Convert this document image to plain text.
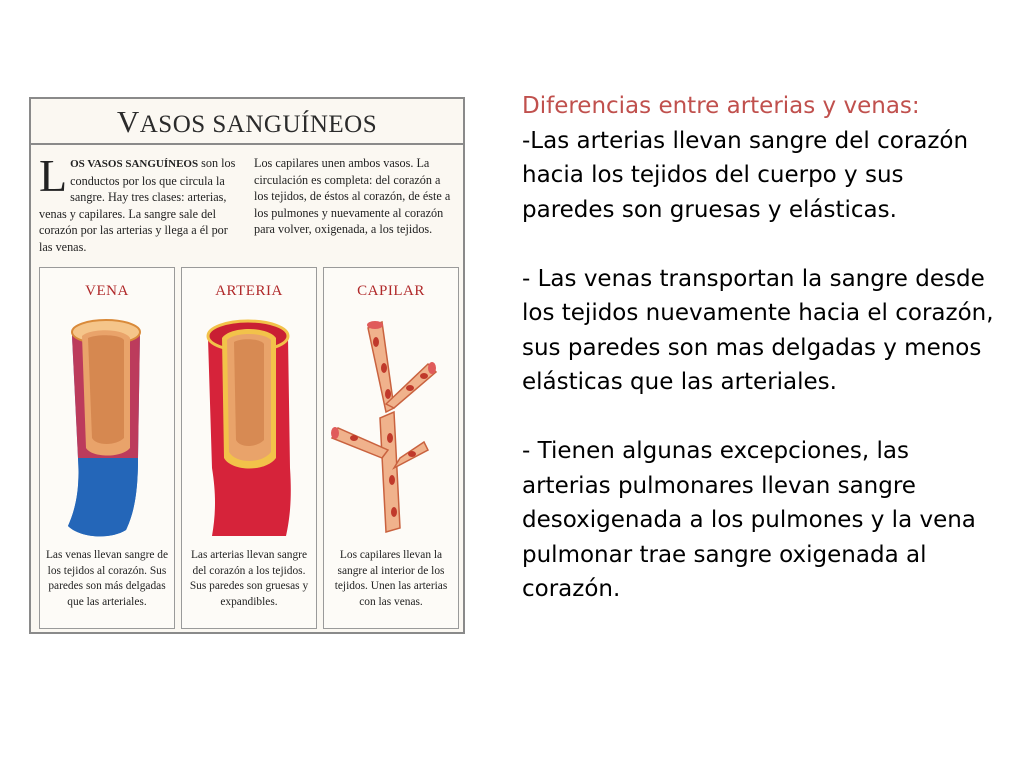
VASOS SANGUÍNEOS
L OS VASOS SANGUÍNEOS son los conductos por los que circula la sangre. Hay tres clases: arterias, venas y capilares. La sangre sale del corazón por las arterias y llega a él por las venas.
Los capilares unen ambos vasos. La circulación es completa: del corazón a los tejidos, de éstos al corazón, de éste a los pulmones y nuevamente al corazón para volver, oxigenada, a los tejidos.
VENA
Las venas llevan sangre de los tejidos al corazón. Sus paredes son más delgadas que las arteriales.
ARTERIA
Las arterias llevan sangre del corazón a los tejidos. Sus paredes son gruesas y expandibles.
CAPILAR
Los capilares llevan la sangre al interior de los tejidos. Unen las arterias con las venas.

Diferencias entre arterias y venas:

-Las arterias llevan sangre del corazón hacia los tejidos del cuerpo y sus paredes son gruesas y elásticas.

- Las venas transportan la sangre desde los tejidos nuevamente hacia el corazón, sus paredes son mas delgadas y menos elásticas que las arteriales.

- Tienen algunas excepciones, las arterias pulmonares llevan sangre desoxigenada a los pulmones y la vena pulmonar trae sangre oxigenada al corazón.
